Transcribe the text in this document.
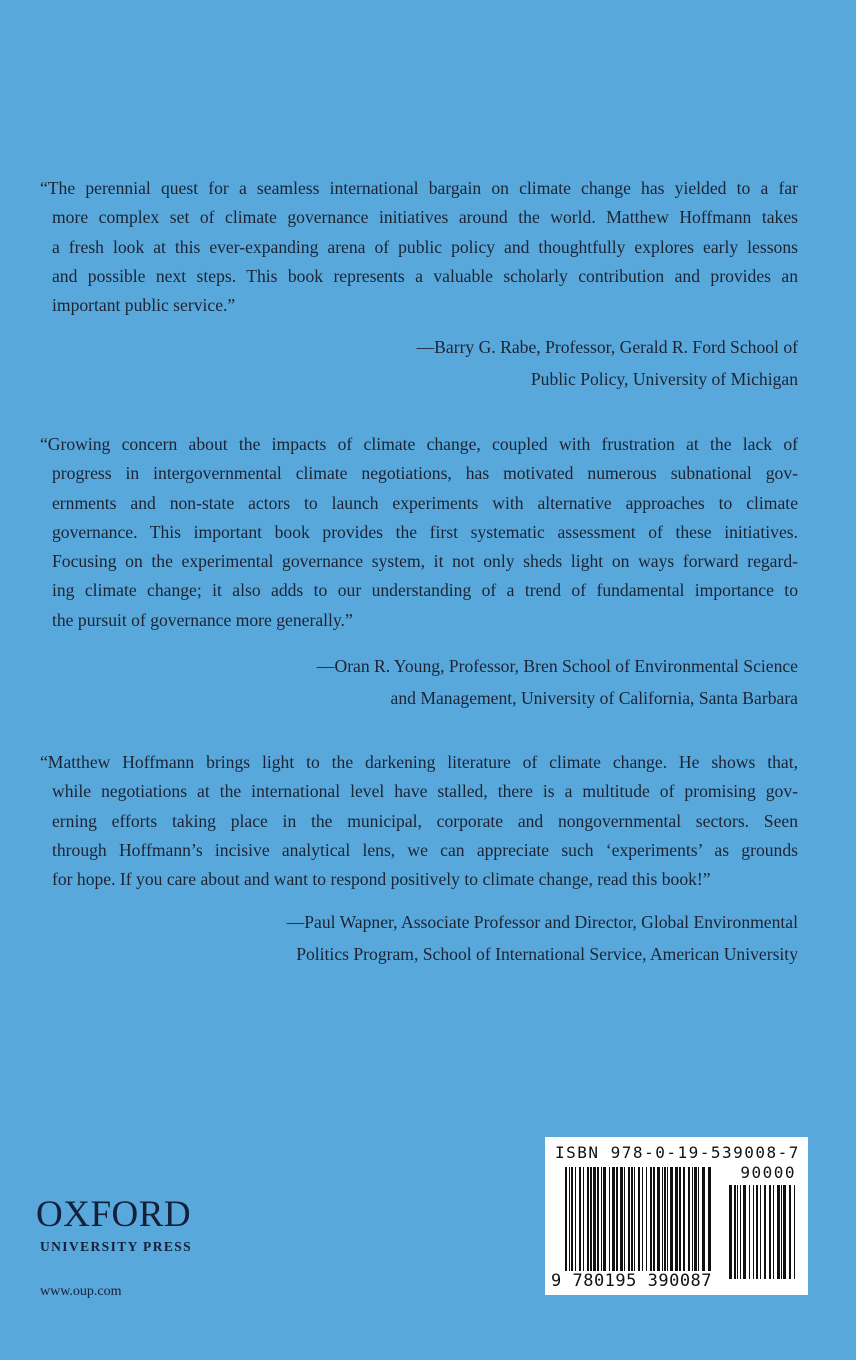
“The perennial quest for a seamless international bargain on climate change has yielded to a far
more complex set of climate governance initiatives around the world. Matthew Hoffmann takes
a fresh look at this ever-expanding arena of public policy and thoughtfully explores early lessons
and possible next steps. This book represents a valuable scholarly contribution and provides an
important public service.”
—Barry G. Rabe, Professor, Gerald R. Ford School of
Public Policy, University of Michigan
“Growing concern about the impacts of climate change, coupled with frustration at the lack of
progress in intergovernmental climate negotiations, has motivated numerous subnational gov-
ernments and non-state actors to launch experiments with alternative approaches to climate
governance. This important book provides the first systematic assessment of these initiatives.
Focusing on the experimental governance system, it not only sheds light on ways forward regard-
ing climate change; it also adds to our understanding of a trend of fundamental importance to
the pursuit of governance more generally.”
—Oran R. Young, Professor, Bren School of Environmental Science
and Management, University of California, Santa Barbara
“Matthew Hoffmann brings light to the darkening literature of climate change. He shows that,
while negotiations at the international level have stalled, there is a multitude of promising gov-
erning efforts taking place in the municipal, corporate and nongovernmental sectors. Seen
through Hoffmann’s incisive analytical lens, we can appreciate such ‘experiments’ as grounds
for hope. If you care about and want to respond positively to climate change, read this book!”
—Paul Wapner, Associate Professor and Director, Global Environmental
Politics Program, School of International Service, American University
OXFORD
UNIVERSITY PRESS
www.oup.com
ISBN 978-0-19-539008-7
90000
9 780195 390087
